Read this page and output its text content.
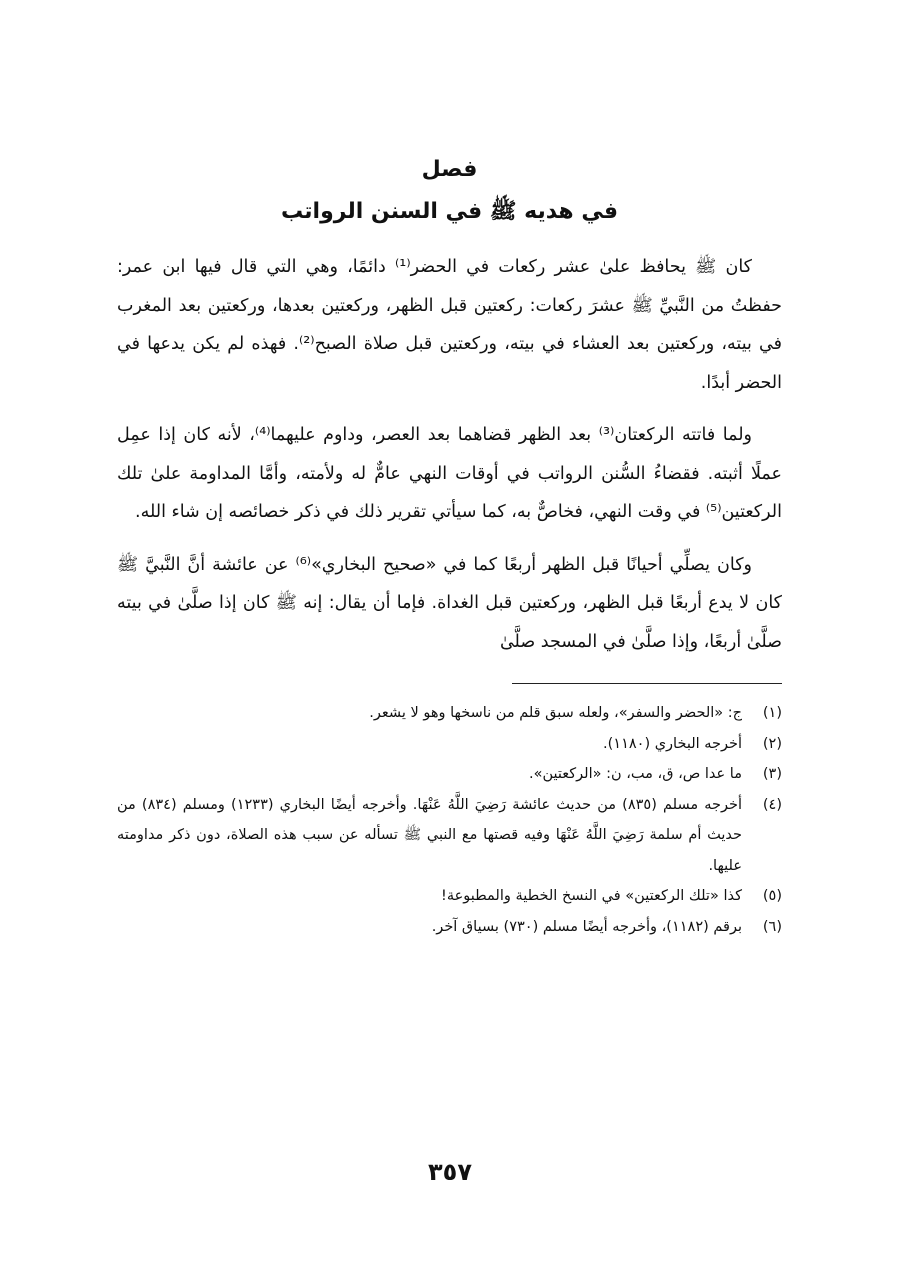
فصل
في هديه ﷺ في السنن الرواتب

كان ﷺ يحافظ علىٰ عشر ركعات في الحضر⁽¹⁾ دائمًا، وهي التي قال فيها ابن عمر: حفظتُ من النَّبيِّ ﷺ عشرَ ركعات: ركعتين قبل الظهر، وركعتين بعدها، وركعتين بعد المغرب في بيته، وركعتين بعد العشاء في بيته، وركعتين قبل صلاة الصبح⁽²⁾. فهذه لم يكن يدعها في الحضر أبدًا.

ولما فاتته الركعتان⁽³⁾ بعد الظهر قضاهما بعد العصر، وداوم عليهما⁽⁴⁾، لأنه كان إذا عمِل عملًا أثبته. فقضاءُ السُّنن الرواتب في أوقات النهي عامٌّ له ولأمته، وأمَّا المداومة علىٰ تلك الركعتين⁽⁵⁾ في وقت النهي، فخاصٌّ به، كما سيأتي تقرير ذلك في ذكر خصائصه إن شاء الله.

وكان يصلِّي أحيانًا قبل الظهر أربعًا كما في «صحيح البخاري»⁽⁶⁾ عن عائشة أنَّ النَّبيَّ ﷺ كان لا يدع أربعًا قبل الظهر، وركعتين قبل الغداة. فإما أن يقال: إنه ﷺ كان إذا صلَّىٰ في بيته صلَّىٰ أربعًا، وإذا صلَّىٰ في المسجد صلَّىٰ

(١)
ج: «الحضر والسفر»، ولعله سبق قلم من ناسخها وهو لا يشعر.
(٢)
أخرجه البخاري (١١٨٠).
(٣)
ما عدا ص، ق، مب، ن: «الركعتين».
(٤)
أخرجه مسلم (٨٣٥) من حديث عائشة رَضِيَ اللَّهُ عَنْهَا. وأخرجه أيضًا البخاري (١٢٣٣) ومسلم (٨٣٤) من حديث أم سلمة رَضِيَ اللَّهُ عَنْهَا وفيه قصتها مع النبي ﷺ تسأله عن سبب هذه الصلاة، دون ذكر مداومته عليها.
(٥)
كذا «تلك الركعتين» في النسخ الخطية والمطبوعة!
(٦)
برقم (١١٨٢)، وأخرجه أيضًا مسلم (٧٣٠) بسياق آخر.
٣٥٧
